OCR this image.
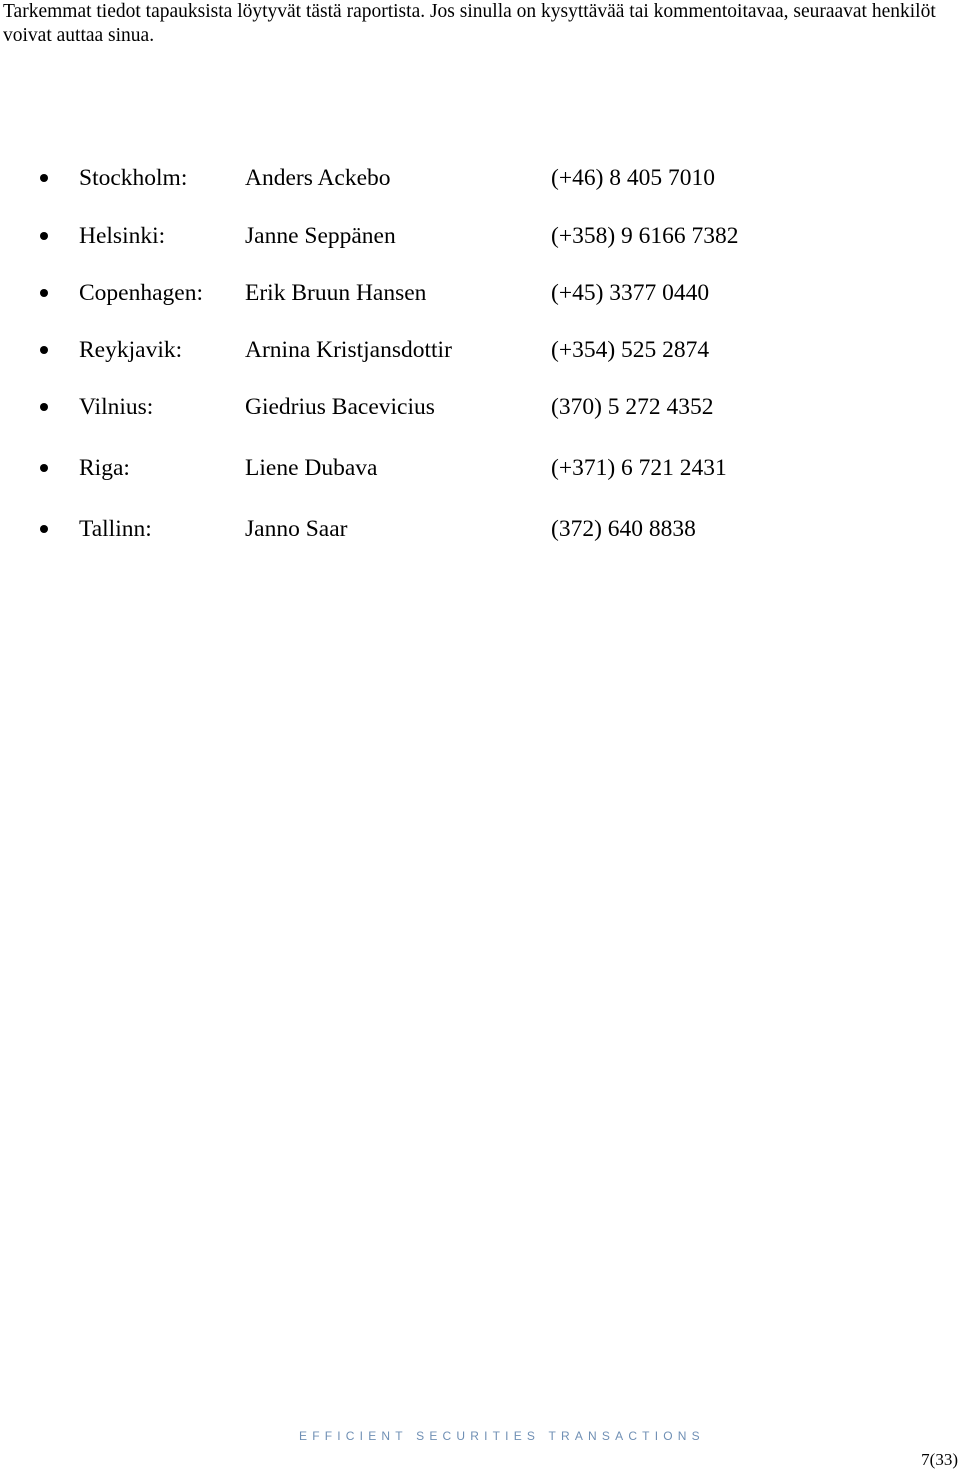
Tarkemmat tiedot tapauksista löytyvät tästä raportista. Jos sinulla on kysyttävää tai kommentoitavaa, seuraavat henkilöt voivat auttaa sinua.

Stockholm: Anders Ackebo	(+46) 8 405 7010
Helsinki:	Janne Seppänen	(+358) 9 6166 7382
Copenhagen: Erik Bruun Hansen	(+45) 3377 0440
Reykjavik:	Arnina Kristjansdottir	(+354) 525 2874
Vilnius:	Giedrius Bacevicius	(370) 5 272 4352
Riga:	Liene Dubava	(+371) 6 721 2431
Tallinn:	Janno Saar	(372) 640 8838
EFFICIENT SECURITIES TRANSACTIONS
7(33)
